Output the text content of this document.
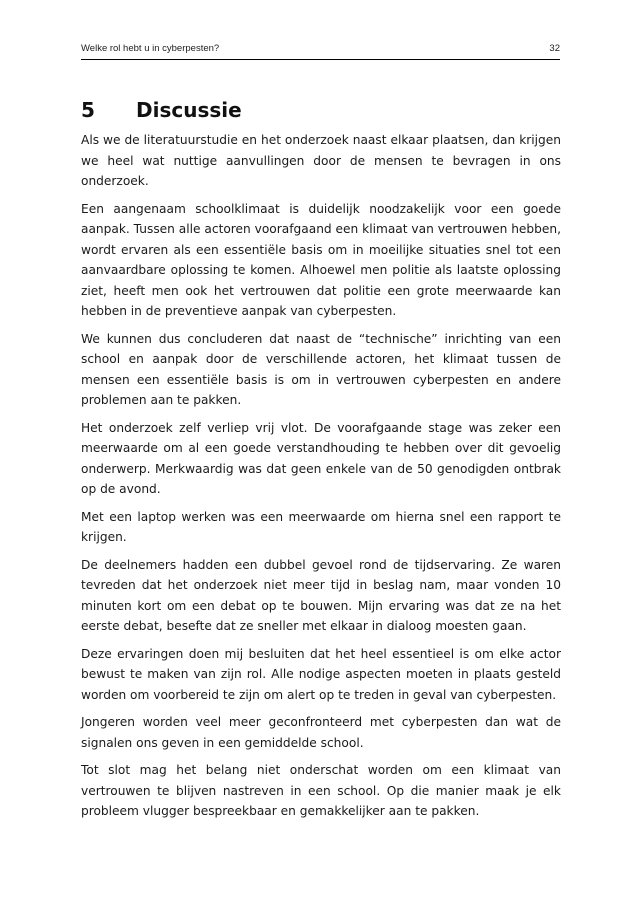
Welke rol hebt u in cyberpesten?	32
5 Discussie

Als we de literatuurstudie en het onderzoek naast elkaar plaatsen, dan krijgen we heel wat nuttige aanvullingen door de mensen te bevragen in ons onderzoek.

Een aangenaam schoolklimaat is duidelijk noodzakelijk voor een goede aanpak. Tussen alle actoren voorafgaand een klimaat van vertrouwen hebben, wordt ervaren als een essentiële basis om in moeilijke situaties snel tot een aanvaardbare oplossing te komen. Alhoewel men politie als laatste oplossing ziet, heeft men ook het vertrouwen dat politie een grote meerwaarde kan hebben in de preventieve aanpak van cyberpesten.

We kunnen dus concluderen dat naast de “technische” inrichting van een school en aanpak door de verschillende actoren, het klimaat tussen de mensen een essentiële basis is om in vertrouwen cyberpesten en andere problemen aan te pakken.

Het onderzoek zelf verliep vrij vlot. De voorafgaande stage was zeker een meerwaarde om al een goede verstandhouding te hebben over dit gevoelig onderwerp. Merkwaardig was dat geen enkele van de 50 genodigden ontbrak op de avond.

Met een laptop werken was een meerwaarde om hierna snel een rapport te krijgen.

De deelnemers hadden een dubbel gevoel rond de tijdservaring. Ze waren tevreden dat het onderzoek niet meer tijd in beslag nam, maar vonden 10 minuten kort om een debat op te bouwen. Mijn ervaring was dat ze na het eerste debat, besefte dat ze sneller met elkaar in dialoog moesten gaan.

Deze ervaringen doen mij besluiten dat het heel essentieel is om elke actor bewust te maken van zijn rol. Alle nodige aspecten moeten in plaats gesteld worden om voorbereid te zijn om alert op te treden in geval van cyberpesten.

Jongeren worden veel meer geconfronteerd met cyberpesten dan wat de signalen ons geven in een gemiddelde school.

Tot slot mag het belang niet onderschat worden om een klimaat van vertrouwen te blijven nastreven in een school. Op die manier maak je elk probleem vlugger bespreekbaar en gemakkelijker aan te pakken.
